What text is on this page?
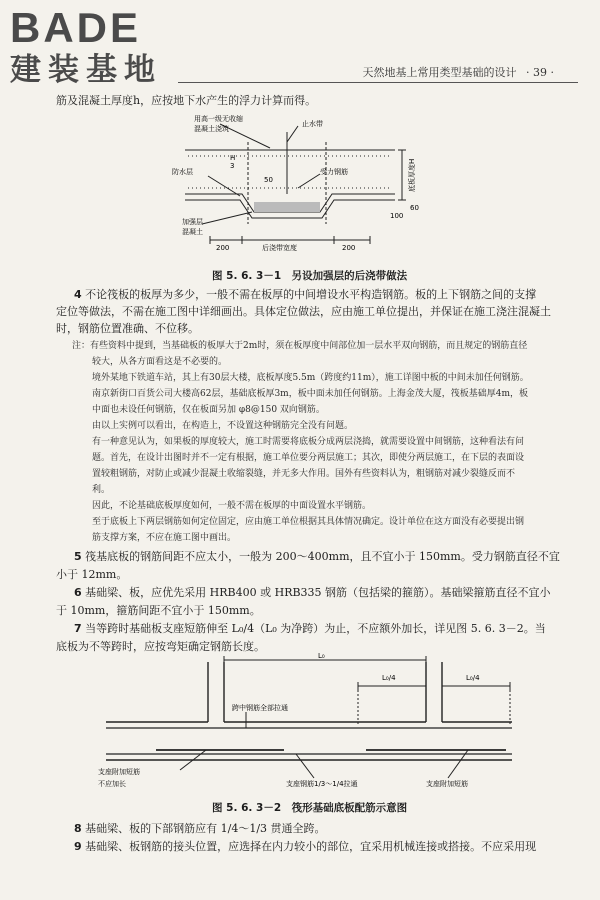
BADE
建装基地	天然地基上常用类型基础的设计 · 39 ·
筋及混凝土厚度h，应按地下水产生的浮力计算而得。
用高一级无收缩
混凝土浇筑
止水带
防水层	受力钢筋	底板厚度H
加强层
混凝土
后浇带宽度
200	200
100
50
60
H
3
图 5. 6. 3－1　另设加强层的后浇带做法
4 不论筏板的板厚为多少，一般不需在板厚的中间增设水平构造钢筋。板的上下钢筋之间的支撑
定位等做法，不需在施工图中详细画出。具体定位做法，应由施工单位提出，并保证在施工浇注混凝土
时，钢筋位置准确、不位移。
注：有些资料中提到，当基础板的板厚大于2m时，须在板厚度中间部位加一层水平双向钢筋，而且规定的钢筋直径
较大，从各方面看这是不必要的。
境外某地下铁道车站，其上有30层大楼，底板厚度5.5m（跨度约11m），施工详图中板的中间未加任何钢筋。
南京新街口百货公司大楼高62层，基础底板厚3m，板中面未加任何钢筋。上海金茂大厦，筏板基础厚4m，板
中面也未设任何钢筋，仅在板面另加 φ8@150 双向钢筋。
由以上实例可以看出，在构造上，不设置这种钢筋完全没有问题。
有一种意见认为，如果板的厚度较大，施工时需要将底板分成两层浇捣，就需要设置中间钢筋，这种看法有问
题。首先，在设计出图时并不一定有根据，施工单位要分两层施工；其次，即使分两层施工，在下层的表面设
置较粗钢筋，对防止或减少混凝土收缩裂缝，并无多大作用。国外有些资料认为，粗钢筋对减少裂缝反而不
利。
因此，不论基础底板厚度如何，一般不需在板厚的中面设置水平钢筋。
至于底板上下两层钢筋如何定位固定，应由施工单位根据其具体情况确定。设计单位在这方面没有必要提出钢
筋支撑方案，不应在施工图中画出。
5 筏基底板的钢筋间距不应太小，一般为 200～400mm，且不宜小于 150mm。受力钢筋直径不宜
小于 12mm。
6 基础梁、板，应优先采用 HRB400 或 HRB335 钢筋（包括梁的箍筋）。基础梁箍筋直径不宜小
于 10mm，箍筋间距不宜小于 150mm。
7 当等跨时基础板支座短筋伸至 L₀/4（L₀ 为净跨）为止，不应额外加长，详见图 5. 6. 3－2。当
底板为不等跨时，应按弯矩确定钢筋长度。
L₀
L₀/4	L₀/4
跨中钢筋全部拉通
支座附加短筋
不应加长	支座钢筋1/3～1/4拉通	支座附加短筋
图 5. 6. 3－2　筏形基础底板配筋示意图
8 基础梁、板的下部钢筋应有 1/4～1/3 贯通全跨。
9 基础梁、板钢筋的接头位置，应选择在内力较小的部位，宜采用机械连接或搭接。不应采用现
